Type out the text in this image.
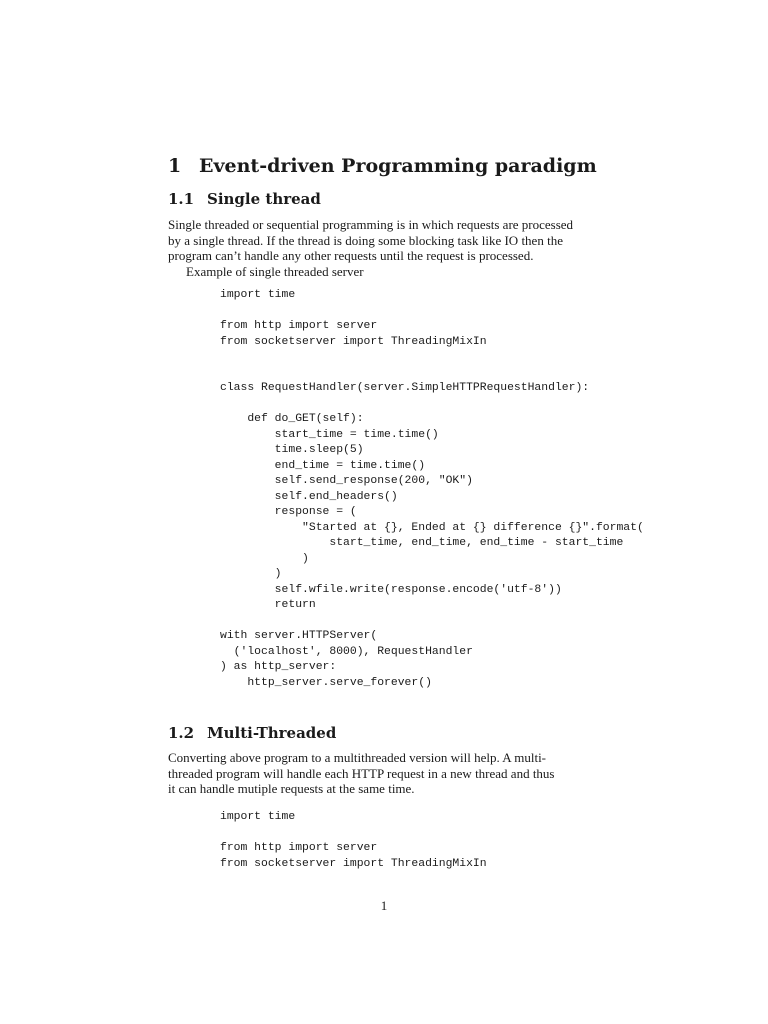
1 Event-driven Programming paradigm
1.1 Single thread
Single threaded or sequential programming is in which requests are processed
by a single thread. If the thread is doing some blocking task like IO then the
program can’t handle any other requests until the request is processed.
Example of single threaded server
import time

from http import server
from socketserver import ThreadingMixIn

class RequestHandler(server.SimpleHTTPRequestHandler):

def do_GET(self):
start_time = time.time()
time.sleep(5)
end_time = time.time()
self.send_response(200, "OK")
self.end_headers()
response = (
"Started at {}, Ended at {} difference {}".format(
start_time, end_time, end_time - start_time
)
)
self.wfile.write(response.encode('utf-8'))
return

with server.HTTPServer(
('localhost', 8000), RequestHandler
) as http_server:
http_server.serve_forever()
1.2 Multi-Threaded
Converting above program to a multithreaded version will help. A multi-
threaded program will handle each HTTP request in a new thread and thus
it can handle mutiple requests at the same time.
import time

from http import server
from socketserver import ThreadingMixIn
1
